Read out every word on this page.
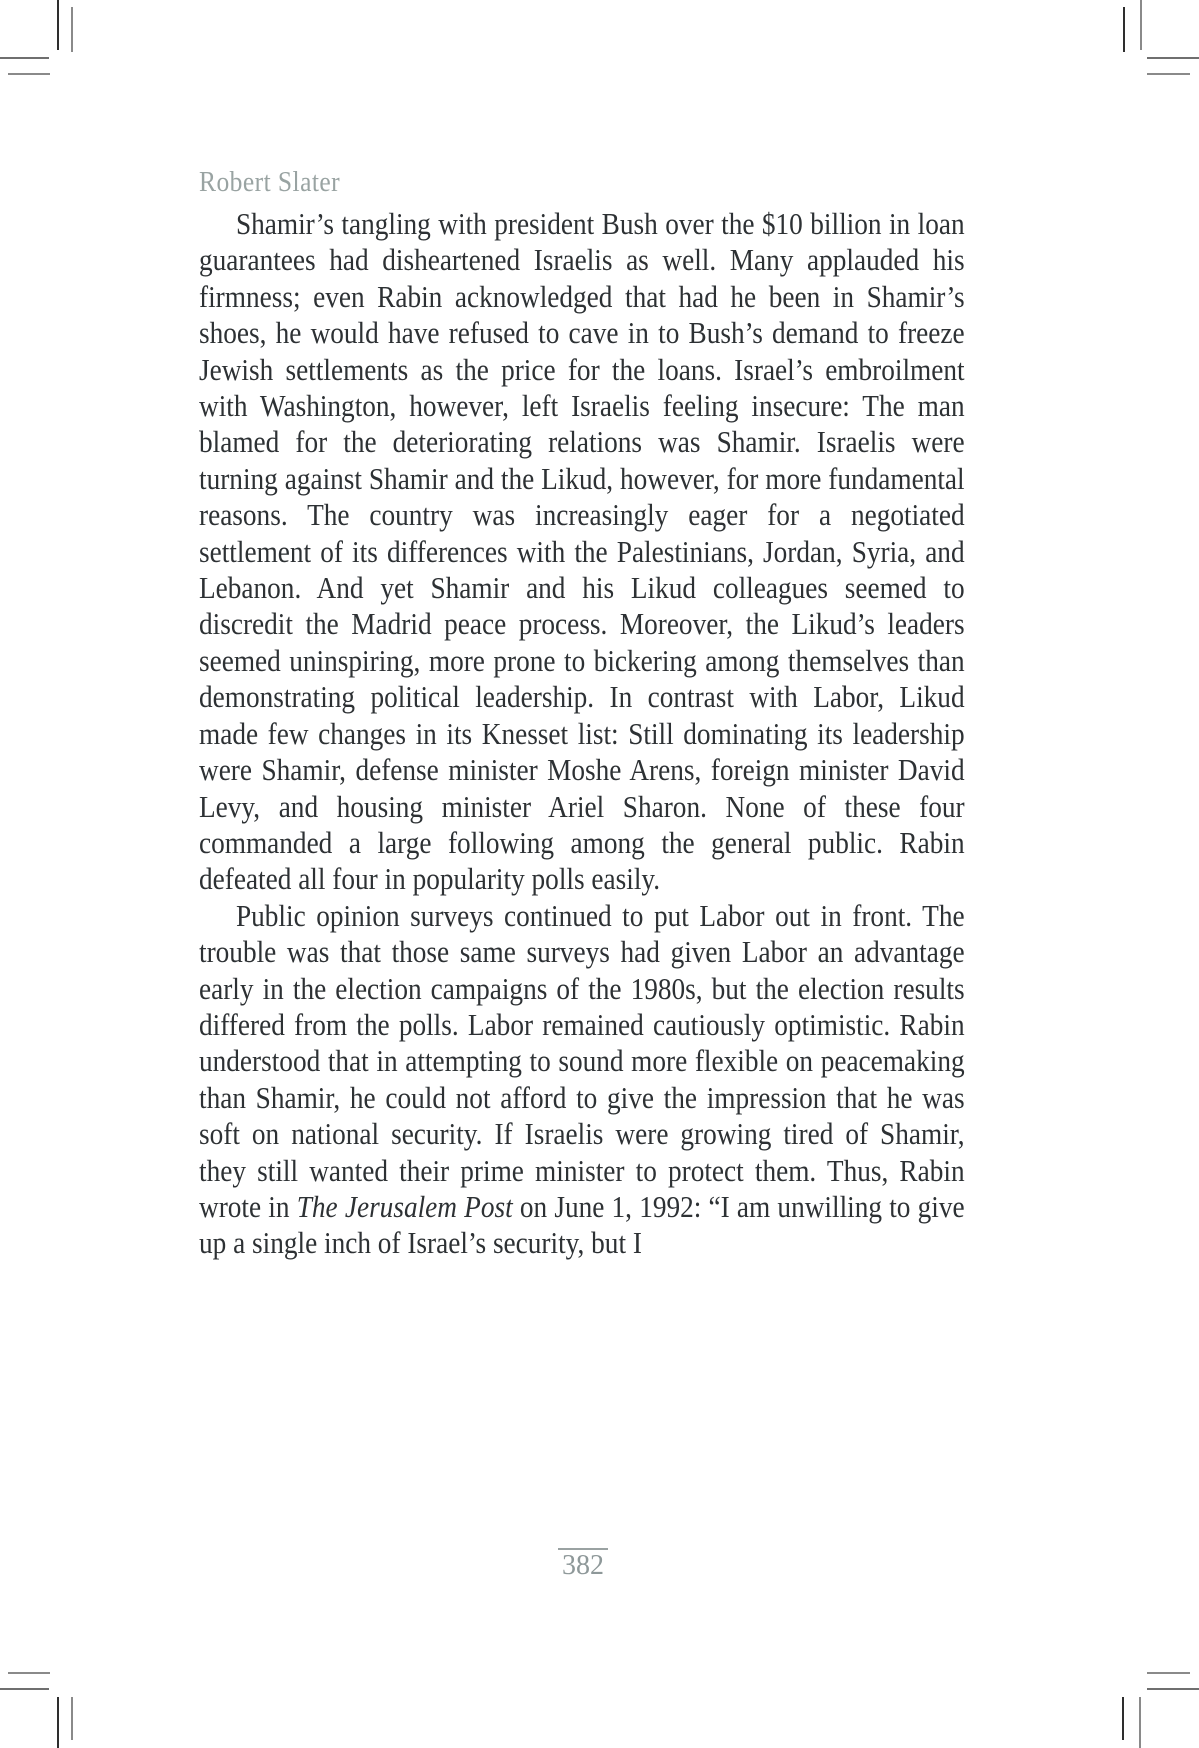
Robert Slater

Shamir’s tangling with president Bush over the $10 billion in loan guarantees had disheartened Israelis as well. Many applauded his firmness; even Rabin acknowledged that had he been in Shamir’s shoes, he would have refused to cave in to Bush’s demand to freeze Jewish settlements as the price for the loans. Israel’s embroilment with Washington, however, left Israelis feeling insecure: The man blamed for the deteriorating relations was Shamir. Israelis were turning against Shamir and the Likud, however, for more fundamental reasons. The country was increasingly eager for a negotiated settlement of its differences with the Palestinians, Jordan, Syria, and Lebanon. And yet Shamir and his Likud colleagues seemed to discredit the Madrid peace process. Moreover, the Likud’s leaders seemed uninspiring, more prone to bickering among themselves than demonstrating political leadership. In contrast with Labor, Likud made few changes in its Knesset list: Still dominating its leadership were Shamir, defense minister Moshe Arens, foreign minister David Levy, and housing minister Ariel Sharon. None of these four commanded a large following among the general public. Rabin defeated all four in popularity polls easily.

Public opinion surveys continued to put Labor out in front. The trouble was that those same surveys had given Labor an advantage early in the election campaigns of the 1980s, but the election results differed from the polls. Labor remained cautiously optimistic. Rabin understood that in attempting to sound more flexible on peacemaking than Shamir, he could not afford to give the impression that he was soft on national security. If Israelis were growing tired of Shamir, they still wanted their prime minister to protect them. Thus, Rabin wrote in The Jerusalem Post on June 1, 1992: “I am unwilling to give up a single inch of Israel’s security, but I

382
